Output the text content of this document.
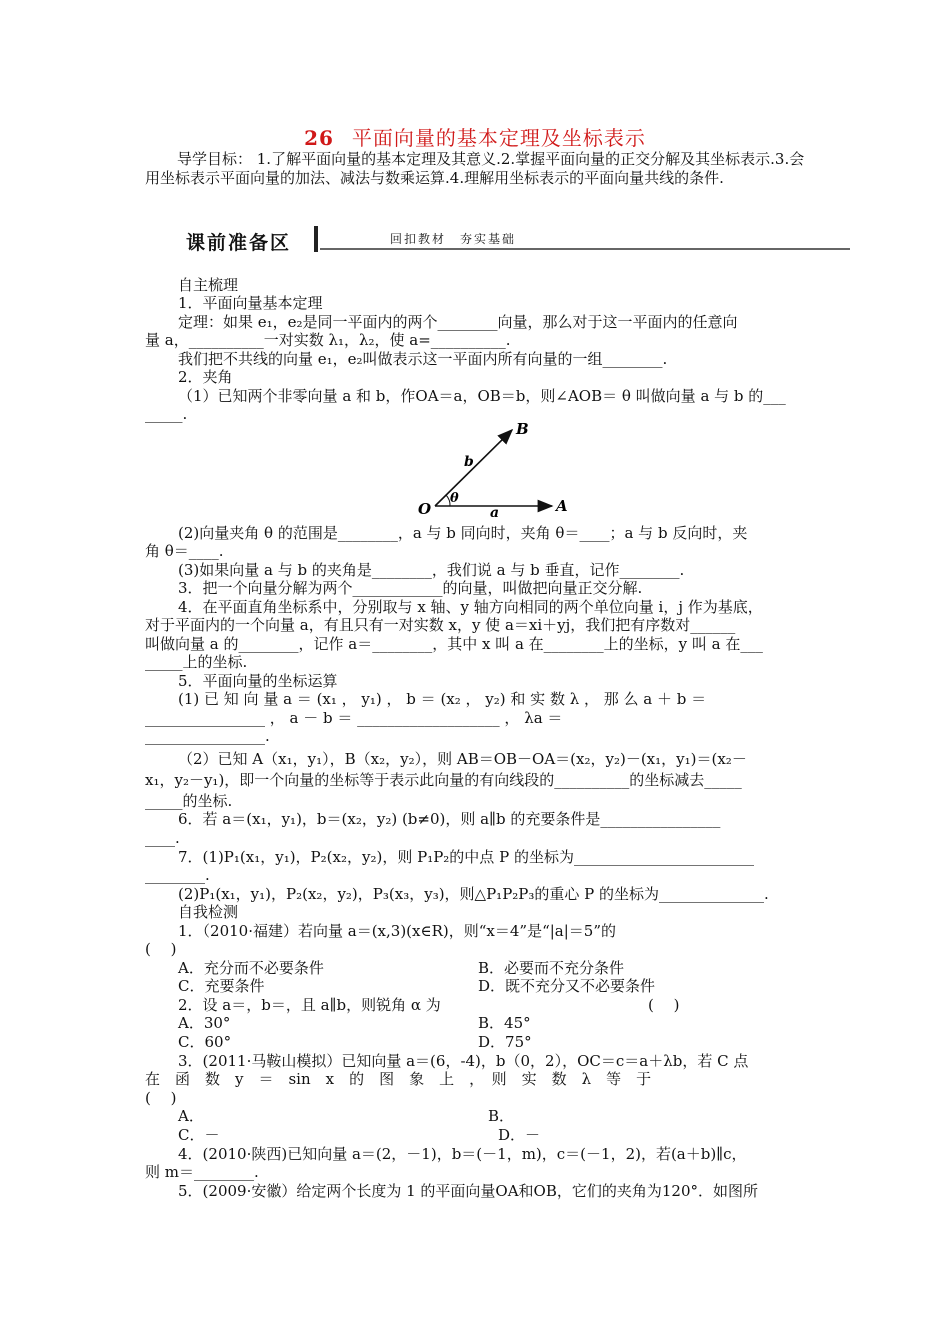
26 平面向量的基本定理及坐标表示
导学目标： 1.了解平面向量的基本定理及其意义.2.掌握平面向量的正交分解及其坐标表示.3.会用坐标表示平面向量的加法、减法与数乘运算.4.理解用坐标表示的平面向量共线的条件.
课前准备区	回扣教材　夯实基础
自主梳理
1．平面向量基本定理
定理：如果 e₁，e₂是同一平面内的两个________向量，那么对于这一平面内的任意向
量 a，__________一对实数 λ₁，λ₂，使 a=__________.
我们把不共线的向量 e₁，e₂叫做表示这一平面内所有向量的一组________.
2．夹角
（1）已知两个非零向量 a 和 b，作OA＝a，OB＝b，则∠AOB＝ θ 叫做向量 a 与 b 的___
_____.
O	A
B
a
b
θ
(2)向量夹角 θ 的范围是________，a 与 b 同向时，夹角 θ＝____；a 与 b 反向时，夹
角 θ＝____.
(3)如果向量 a 与 b 的夹角是________，我们说 a 与 b 垂直，记作________.
3．把一个向量分解为两个____________的向量，叫做把向量正交分解.
4．在平面直角坐标系中，分别取与 x 轴、y 轴方向相同的两个单位向量 i，j 作为基底，
对于平面内的一个向量 a，有且只有一对实数 x，y 使 a＝xi＋yj，我们把有序数对______
叫做向量 a 的________，记作 a＝________，其中 x 叫 a 在________上的坐标，y 叫 a 在___
_____上的坐标.
5．平面向量的坐标运算
(1) 已 知 向 量 a ＝ (x₁ ， y₁) ， b ＝ (x₂ ， y₂) 和 实 数 λ ， 那 么 a ＋ b ＝
________________ ， a － b ＝ ___________________ ， λa ＝
________________.
（2）已知 A（x₁，y₁），B（x₂，y₂），则 AB＝OB－OA＝(x₂，y₂)－(x₁，y₁)＝(x₂－
x₁，y₂－y₁)，即一个向量的坐标等于表示此向量的有向线段的__________的坐标减去_____
_____的坐标.
6．若 a＝(x₁，y₁)，b＝(x₂，y₂) (b≠0)，则 a∥b 的充要条件是________________
____.
7．(1)P₁(x₁，y₁)，P₂(x₂，y₂)，则 P₁P₂的中点 P 的坐标为________________________
________.
(2)P₁(x₁，y₁)，P₂(x₂，y₂)，P₃(x₃，y₃)，则△P₁P₂P₃的重心 P 的坐标为______________.
自我检测
1．（2010·福建）若向量 a＝(x,3)(x∈R)，则“x＝4”是“|a|＝5”的
(　 )
A．充分而不必要条件	B．必要而不充分条件
C．充要条件	D．既不充分又不必要条件
2．设 a＝，b＝，且 a∥b，则锐角 α 为	(　 )
A．30°	B．45°
C．60°	D．75°
3．(2011·马鞍山模拟）已知向量 a＝(6，-4)，b（0，2），OC＝c＝a＋λb，若 C 点
在　函　数　y　＝　sin　x　的　图　象　上　，　则　实　数　λ　等　于
(　 )
A．	B．
C．－	D．－
4．(2010·陕西)已知向量 a＝(2，－1)，b＝(－1，m)，c＝(－1，2)，若(a＋b)∥c，
则 m＝________.
5．(2009·安徽）给定两个长度为 1 的平面向量OA和OB，它们的夹角为120°．如图所
